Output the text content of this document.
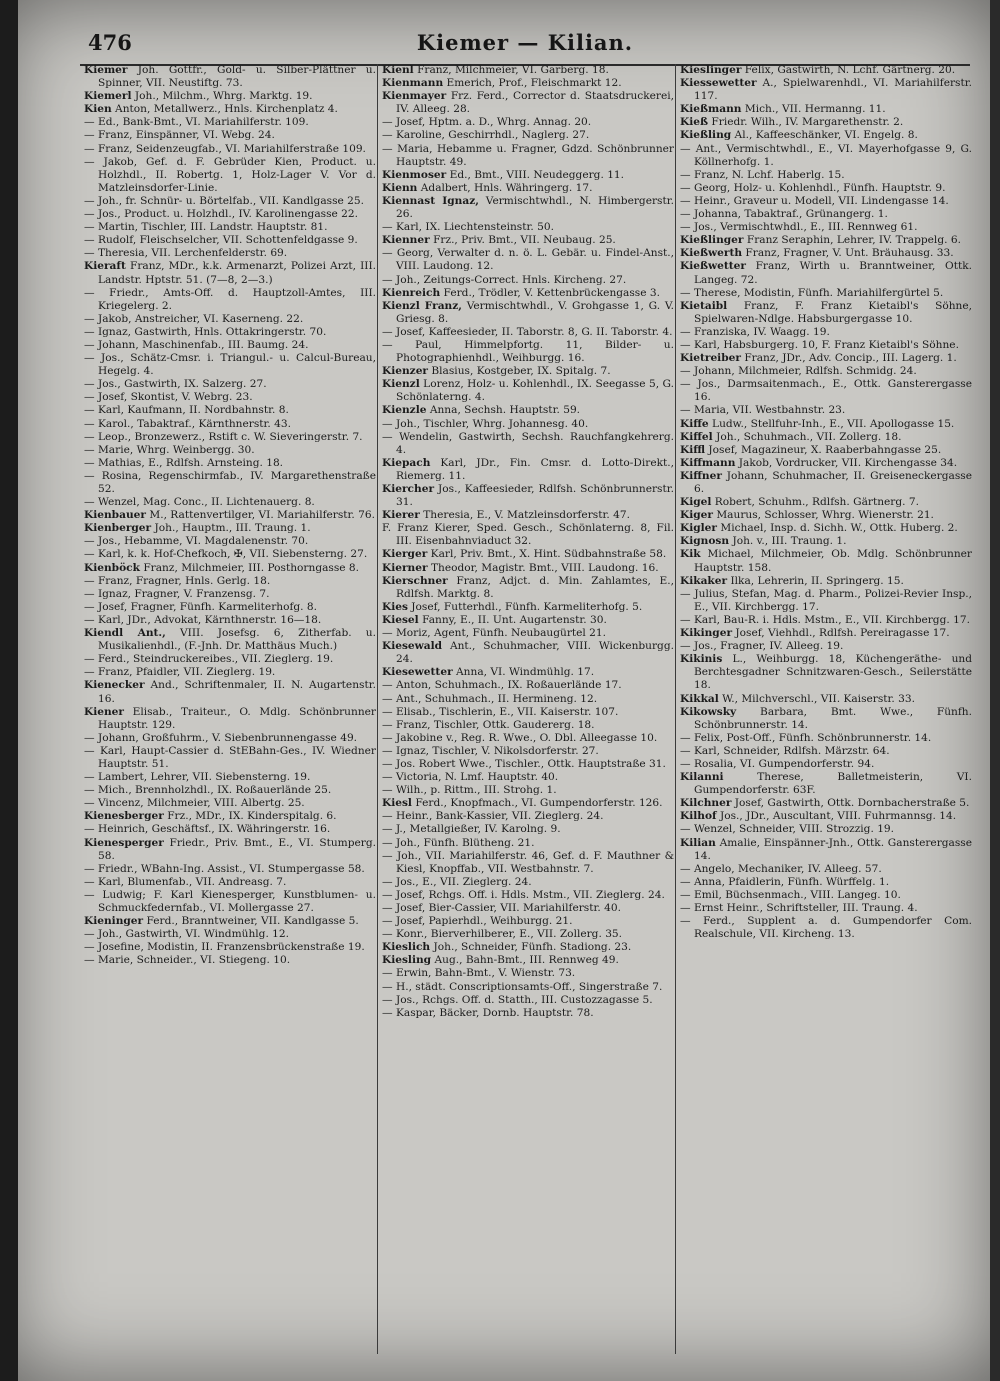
476	Kiemer — Kilian.

Kiemer Joh. Gottfr., Gold- u. Silber-Plättner u. Spinner, VII. Neustiftg. 73.

Kiemerl Joh., Milchm., Whrg. Marktg. 19.

Kien Anton, Metallwerz., Hnls. Kirchenplatz 4.

— Ed., Bank-Bmt., VI. Mariahilferstr. 109.

— Franz, Einspänner, VI. Webg. 24.

— Franz, Seidenzeugfab., VI. Mariahilferstraße 109.

— Jakob, Gef. d. F. Gebrüder Kien, Product. u. Holzhdl., II. Robertg. 1, Holz-Lager V. Vor d. Matzleinsdorfer-Linie.

— Joh., fr. Schnür- u. Börtelfab., VII. Kandlgasse 25.

— Jos., Product. u. Holzhdl., IV. Karolinengasse 22.

— Martin, Tischler, III. Landstr. Hauptstr. 81.

— Rudolf, Fleischselcher, VII. Schottenfeldgasse 9.

— Theresia, VII. Lerchenfelderstr. 69.

Kieraft Franz, MDr., k.k. Armenarzt, Polizei Arzt, III. Landstr. Hptstr. 51. (7—8, 2—3.)

— Friedr., Amts-Off. d. Hauptzoll-Amtes, III. Kriegelerg. 2.

— Jakob, Anstreicher, VI. Kaserneng. 22.

— Ignaz, Gastwirth, Hnls. Ottakringerstr. 70.

— Johann, Maschinenfab., III. Baumg. 24.

— Jos., Schätz-Cmsr. i. Triangul.- u. Calcul-Bureau, Hegelg. 4.

— Jos., Gastwirth, IX. Salzerg. 27.

— Josef, Skontist, V. Webrg. 23.

— Karl, Kaufmann, II. Nordbahnstr. 8.

— Karol., Tabaktraf., Kärnthnerstr. 43.

— Leop., Bronzewerz., Rstift c. W. Sieveringerstr. 7.

— Marie, Whrg. Weinbergg. 30.

— Mathias, E., Rdlfsh. Arnsteing. 18.

— Rosina, Regenschirmfab., IV. Margarethenstraße 52.

— Wenzel, Mag. Conc., II. Lichtenauerg. 8.

Kienbauer M., Rattenvertilger, VI. Mariahilferstr. 76.

Kienberger Joh., Hauptm., III. Traung. 1.

— Jos., Hebamme, VI. Magdalenenstr. 70.

— Karl, k. k. Hof-Chefkoch, ✠, VII. Siebensterng. 27.

Kienböck Franz, Milchmeier, III. Posthorngasse 8.

— Franz, Fragner, Hnls. Gerlg. 18.

— Ignaz, Fragner, V. Franzensg. 7.

— Josef, Fragner, Fünfh. Karmeliterhofg. 8.

— Karl, JDr., Advokat, Kärnthnerstr. 16—18.

Kiendl Ant., VIII. Josefsg. 6, Zitherfab. u. Musikalienhdl., (F.-Jnh. Dr. Matthäus Much.)

— Ferd., Steindruckereibes., VII. Zieglerg. 19.

— Franz, Pfaidler, VII. Zieglerg. 19.

Kienecker And., Schriftenmaler, II. N. Augartenstr. 16.

Kiener Elisab., Traiteur., O. Mdlg. Schönbrunner Hauptstr. 129.

— Johann, Großfuhrm., V. Siebenbrunnengasse 49.

— Karl, Haupt-Cassier d. StEBahn-Ges., IV. Wiedner Hauptstr. 51.

— Lambert, Lehrer, VII. Siebensterng. 19.

— Mich., Brennholzhdl., IX. Roßauerlände 25.

— Vincenz, Milchmeier, VIII. Albertg. 25.

Kienesberger Frz., MDr., IX. Kinderspitalg. 6.

— Heinrich, Geschäftsf., IX. Währingerstr. 16.

Kienesperger Friedr., Priv. Bmt., E., VI. Stumperg. 58.

— Friedr., WBahn-Ing. Assist., VI. Stumpergasse 58.

— Karl, Blumenfab., VII. Andreasg. 7.

— Ludwig; F. Karl Kienesperger, Kunstblumen- u. Schmuckfedernfab., VI. Mollergasse 27.

Kieninger Ferd., Branntweiner, VII. Kandlgasse 5.

— Joh., Gastwirth, VI. Windmühlg. 12.

— Josefine, Modistin, II. Franzensbrückenstraße 19.

— Marie, Schneider., VI. Stiegeng. 10.

Kienl Franz, Milchmeier, VI. Garberg. 18.

Kienmann Emerich, Prof., Fleischmarkt 12.

Kienmayer Frz. Ferd., Corrector d. Staatsdruckerei, IV. Alleeg. 28.

— Josef, Hptm. a. D., Whrg. Annag. 20.

— Karoline, Geschirrhdl., Naglerg. 27.

— Maria, Hebamme u. Fragner, Gdzd. Schönbrunner Hauptstr. 49.

Kienmoser Ed., Bmt., VIII. Neudeggerg. 11.

Kienn Adalbert, Hnls. Währingerg. 17.

Kiennast Ignaz, Vermischtwhdl., N. Himbergerstr. 26.

— Karl, IX. Liechtensteinstr. 50.

Kienner Frz., Priv. Bmt., VII. Neubaug. 25.

— Georg, Verwalter d. n. ö. L. Gebär. u. Findel-Anst., VIII. Laudong. 12.

— Joh., Zeitungs-Correct. Hnls. Kircheng. 27.

Kienreich Ferd., Trödler, V. Kettenbrückengasse 3.

Kienzl Franz, Vermischtwhdl., V. Grohgasse 1, G. V. Griesg. 8.

— Josef, Kaffeesieder, II. Taborstr. 8, G. II. Taborstr. 4.

— Paul, Himmelpfortg. 11, Bilder- u. Photographienhdl., Weihburgg. 16.

Kienzer Blasius, Kostgeber, IX. Spitalg. 7.

Kienzl Lorenz, Holz- u. Kohlenhdl., IX. Seegasse 5, G. Schönlaterng. 4.

Kienzle Anna, Sechsh. Hauptstr. 59.

— Joh., Tischler, Whrg. Johannesg. 40.

— Wendelin, Gastwirth, Sechsh. Rauchfangkehrerg. 4.

Kiepach Karl, JDr., Fin. Cmsr. d. Lotto-Direkt., Riemerg. 11.

Kiercher Jos., Kaffeesieder, Rdlfsh. Schönbrunnerstr. 31.

Kierer Theresia, E., V. Matzleinsdorferstr. 47.

F. Franz Kierer, Sped. Gesch., Schönlaterng. 8, Fil. III. Eisenbahnviaduct 32.

Kierger Karl, Priv. Bmt., X. Hint. Südbahnstraße 58.

Kierner Theodor, Magistr. Bmt., VIII. Laudong. 16.

Kierschner Franz, Adjct. d. Min. Zahlamtes, E., Rdlfsh. Marktg. 8.

Kies Josef, Futterhdl., Fünfh. Karmeliterhofg. 5.

Kiesel Fanny, E., II. Unt. Augartenstr. 30.

— Moriz, Agent, Fünfh. Neubaugürtel 21.

Kiesewald Ant., Schuhmacher, VIII. Wickenburgg. 24.

Kiesewetter Anna, VI. Windmühlg. 17.

— Anton, Schuhmach., IX. Roßauerlände 17.

— Ant., Schuhmach., II. Hermineng. 12.

— Elisab., Tischlerin, E., VII. Kaiserstr. 107.

— Franz, Tischler, Ottk. Gaudererg. 18.

— Jakobine v., Reg. R. Wwe., O. Dbl. Alleegasse 10.

— Ignaz, Tischler, V. Nikolsdorferstr. 27.

— Jos. Robert Wwe., Tischler., Ottk. Hauptstraße 31.

— Victoria, N. Lmf. Hauptstr. 40.

— Wilh., p. Rittm., III. Strohg. 1.

Kiesl Ferd., Knopfmach., VI. Gumpendorferstr. 126.

— Heinr., Bank-Kassier, VII. Zieglerg. 24.

— J., Metallgießer, IV. Karolng. 9.

— Joh., Fünfh. Blütheng. 21.

— Joh., VII. Mariahilferstr. 46, Gef. d. F. Mauthner & Kiesl, Knopffab., VII. Westbahnstr. 7.

— Jos., E., VII. Zieglerg. 24.

— Josef, Rchgs. Off. i. Hdls. Mstm., VII. Zieglerg. 24.

— Josef, Bier-Cassier, VII. Mariahilferstr. 40.

— Josef, Papierhdl., Weihburgg. 21.

— Konr., Bierverhilberer, E., VII. Zollerg. 35.

Kieslich Joh., Schneider, Fünfh. Stadiong. 23.

Kiesling Aug., Bahn-Bmt., III. Rennweg 49.

— Erwin, Bahn-Bmt., V. Wienstr. 73.

— H., städt. Conscriptionsamts-Off., Singerstraße 7.

— Jos., Rchgs. Off. d. Statth., III. Custozzagasse 5.

— Kaspar, Bäcker, Dornb. Hauptstr. 78.

Kieslinger Felix, Gastwirth, N. Lchf. Gärtnerg. 20.

Kiessewetter A., Spielwarenhdl., VI. Mariahilferstr. 117.

Kießmann Mich., VII. Hermanng. 11.

Kieß Friedr. Wilh., IV. Margarethenstr. 2.

Kießling Al., Kaffeeschänker, VI. Engelg. 8.

— Ant., Vermischtwhdl., E., VI. Mayerhofgasse 9, G. Köllnerhofg. 1.

— Franz, N. Lchf. Haberlg. 15.

— Georg, Holz- u. Kohlenhdl., Fünfh. Hauptstr. 9.

— Heinr., Graveur u. Modell, VII. Lindengasse 14.

— Johanna, Tabaktraf., Grünangerg. 1.

— Jos., Vermischtwhdl., E., III. Rennweg 61.

Kießlinger Franz Seraphin, Lehrer, IV. Trappelg. 6.

Kießwerth Franz, Fragner, V. Unt. Bräuhausg. 33.

Kießwetter Franz, Wirth u. Branntweiner, Ottk. Langeg. 72.

— Therese, Modistin, Fünfh. Mariahilfergürtel 5.

Kietaibl Franz, F. Franz Kietaibl's Söhne, Spielwaren-Ndlge. Habsburgergasse 10.

— Franziska, IV. Waagg. 19.

— Karl, Habsburgerg. 10, F. Franz Kietaibl's Söhne.

Kietreiber Franz, JDr., Adv. Concip., III. Lagerg. 1.

— Johann, Milchmeier, Rdlfsh. Schmidg. 24.

— Jos., Darmsaitenmach., E., Ottk. Gansterergasse 16.

— Maria, VII. Westbahnstr. 23.

Kiffe Ludw., Stellfuhr-Inh., E., VII. Apollogasse 15.

Kiffel Joh., Schuhmach., VII. Zollerg. 18.

Kiffl Josef, Magazineur, X. Raaberbahngasse 25.

Kiffmann Jakob, Vordrucker, VII. Kirchengasse 34.

Kiffner Johann, Schuhmacher, II. Greiseneckergasse 6.

Kigel Robert, Schuhm., Rdlfsh. Gärtnerg. 7.

Kiger Maurus, Schlosser, Whrg. Wienerstr. 21.

Kigler Michael, Insp. d. Sichh. W., Ottk. Huberg. 2.

Kignosn Joh. v., III. Traung. 1.

Kik Michael, Milchmeier, Ob. Mdlg. Schönbrunner Hauptstr. 158.

Kikaker Ilka, Lehrerin, II. Springerg. 15.

— Julius, Stefan, Mag. d. Pharm., Polizei-Revier Insp., E., VII. Kirchbergg. 17.

— Karl, Bau-R. i. Hdls. Mstm., E., VII. Kirchbergg. 17.

Kikinger Josef, Viehhdl., Rdlfsh. Pereiragasse 17.

— Jos., Fragner, IV. Alleeg. 19.

Kikinis L., Weihburgg. 18, Küchengeräthe- und Berchtesgadner Schnitzwaren-Gesch., Seilerstätte 18.

Kikkal W., Milchverschl., VII. Kaiserstr. 33.

Kikowsky Barbara, Bmt. Wwe., Fünfh. Schönbrunnerstr. 14.

— Felix, Post-Off., Fünfh. Schönbrunnerstr. 14.

— Karl, Schneider, Rdlfsh. Märzstr. 64.

— Rosalia, VI. Gumpendorferstr. 94.

Kilanni Therese, Balletmeisterin, VI. Gumpendorferstr. 63F.

Kilchner Josef, Gastwirth, Ottk. Dornbacherstraße 5.

Kilhof Jos., JDr., Auscultant, VIII. Fuhrmannsg. 14.

— Wenzel, Schneider, VIII. Strozzig. 19.

Kilian Amalie, Einspänner-Jnh., Ottk. Gansterergasse 14.

— Angelo, Mechaniker, IV. Alleeg. 57.

— Anna, Pfaidlerin, Fünfh. Würffelg. 1.

— Emil, Büchsenmach., VIII. Langeg. 10.

— Ernst Heinr., Schriftsteller, III. Traung. 4.

— Ferd., Supplent a. d. Gumpendorfer Com. Realschule, VII. Kircheng. 13.
